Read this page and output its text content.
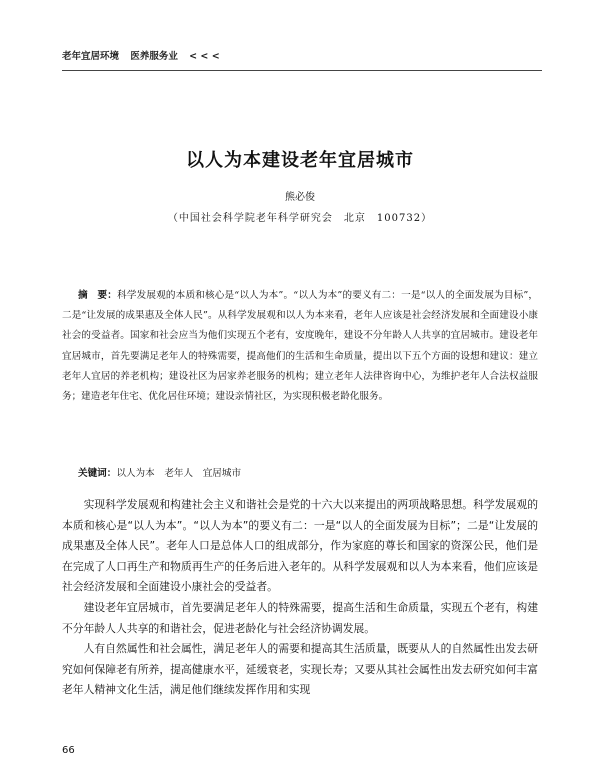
老年宜居环境 医养服务业 < < <
以人为本建设老年宜居城市
熊必俊
（中国社会科学院老年科学研究会　北京　100732）
摘　要：科学发展观的本质和核心是“以人为本”。“以人为本”的要义有二：一是“以人的全面发展为目标”，二是“让发展的成果惠及全体人民”。从科学发展观和以人为本来看，老年人应该是社会经济发展和全面建设小康社会的受益者。国家和社会应当为他们实现五个老有，安度晚年，建设不分年龄人人共享的宜居城市。建设老年宜居城市，首先要满足老年人的特殊需要，提高他们的生活和生命质量，提出以下五个方面的设想和建议：建立老年人宜居的养老机构；建设社区为居家养老服务的机构；建立老年人法律咨询中心，为维护老年人合法权益服务；建造老年住宅、优化居住环境；建设亲情社区，为实现积极老龄化服务。
关键词：以人为本　老年人　宜居城市

实现科学发展观和构建社会主义和谐社会是党的十六大以来提出的两项战略思想。科学发展观的本质和核心是“以人为本”。“以人为本”的要义有二：一是“以人的全面发展为目标”；二是“让发展的成果惠及全体人民”。老年人口是总体人口的组成部分，作为家庭的尊长和国家的资深公民，他们是在完成了人口再生产和物质再生产的任务后进入老年的。从科学发展观和以人为本来看，他们应该是社会经济发展和全面建设小康社会的受益者。

建设老年宜居城市，首先要满足老年人的特殊需要，提高生活和生命质量，实现五个老有，构建不分年龄人人共享的和谐社会，促进老龄化与社会经济协调发展。

人有自然属性和社会属性，满足老年人的需要和提高其生活质量，既要从人的自然属性出发去研究如何保障老有所养，提高健康水平，延缓衰老，实现长寿；又要从其社会属性出发去研究如何丰富老年人精神文化生活，满足他们继续发挥作用和实现

66
